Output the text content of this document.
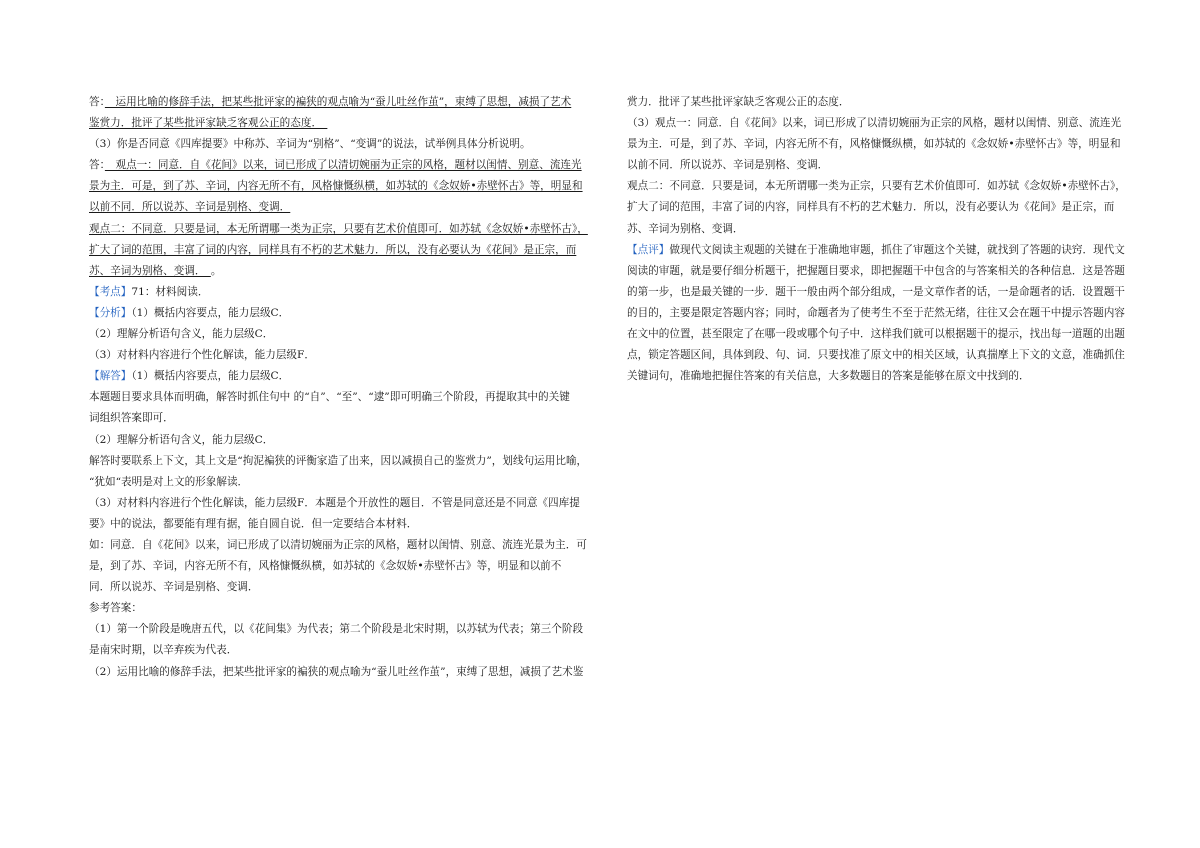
答：　运用比喻的修辞手法，把某些批评家的褊狭的观点喻为“蚕儿吐丝作茧”，束缚了思想，减损了艺术
鉴赏力．批评了某些批评家缺乏客观公正的态度．　
（3）你是否同意《四库提要》中称苏、辛词为“别格”、“变调”的说法，试举例具体分析说明。
答：　观点一：同意．自《花间》以来，词已形成了以清切婉丽为正宗的风格，题材以闺情、别意、流连光
景为主．可是，到了苏、辛词，内容无所不有，风格慷慨纵横，如苏轼的《念奴娇•赤壁怀古》等，明显和
以前不同．所以说苏、辛词是别格、变调．
观点二：不同意．只要是词，本无所谓哪一类为正宗，只要有艺术价值即可．如苏轼《念奴娇•赤壁怀古》，
扩大了词的范围，丰富了词的内容，同样具有不朽的艺术魅力．所以，没有必要认为《花间》是正宗，而
苏、辛词为别格、变调．　。
【考点】71：材料阅读．
【分析】（1）概括内容要点，能力层级C．
（2）理解分析语句含义，能力层级C．
（3）对材料内容进行个性化解读，能力层级F．
【解答】（1）概括内容要点，能力层级C．
本题题目要求具体而明确，解答时抓住句中 的“自”、“至”、“逮”即可明确三个阶段，再提取其中的关键
词组织答案即可．
（2）理解分析语句含义，能力层级C．
解答时要联系上下文，其上文是“拘泥褊狭的评衡家造了出来，因以减损自己的鉴赏力”，划线句运用比喻，
“犹如“表明是对上文的形象解读．
（3）对材料内容进行个性化解读，能力层级F．本题是个开放性的题目．不管是同意还是不同意《四库提
要》中的说法，都要能有理有据，能自圆自说．但一定要结合本材料．
如：同意．自《花间》以来，词已形成了以清切婉丽为正宗的风格，题材以闺情、别意、流连光景为主．可
是，到了苏、辛词，内容无所不有，风格慷慨纵横，如苏轼的《念奴娇•赤壁怀古》等，明显和以前不
同．所以说苏、辛词是别格、变调．
参考答案：
（1）第一个阶段是晚唐五代，以《花间集》为代表；第二个阶段是北宋时期，以苏轼为代表；第三个阶段
是南宋时期，以辛弃疾为代表．
（2）运用比喻的修辞手法，把某些批评家的褊狭的观点喻为“蚕儿吐丝作茧”，束缚了思想，减损了艺术鉴
赏力．批评了某些批评家缺乏客观公正的态度．
（3）观点一：同意．自《花间》以来，词已形成了以清切婉丽为正宗的风格，题材以闺情、别意、流连光
景为主．可是，到了苏、辛词，内容无所不有，风格慷慨纵横，如苏轼的《念奴娇•赤壁怀古》等，明显和
以前不同．所以说苏、辛词是别格、变调．
观点二：不同意．只要是词，本无所谓哪一类为正宗，只要有艺术价值即可．如苏轼《念奴娇•赤壁怀古》，
扩大了词的范围，丰富了词的内容，同样具有不朽的艺术魅力．所以，没有必要认为《花间》是正宗，而
苏、辛词为别格、变调．
【点评】做现代文阅读主观题的关键在于准确地审题，抓住了审题这个关键，就找到了答题的诀窍．现代文
阅读的审题，就是要仔细分析题干，把握题目要求，即把握题干中包含的与答案相关的各种信息．这是答题
的第一步，也是最关键的一步．题干一般由两个部分组成，一是文章作者的话，一是命题者的话．设置题干
的目的，主要是限定答题内容；同时，命题者为了使考生不至于茫然无绪，往往又会在题干中提示答题内容
在文中的位置，甚至限定了在哪一段或哪个句子中．这样我们就可以根据题干的提示，找出每一道题的出题
点，锁定答题区间，具体到段、句、词．只要找准了原文中的相关区域，认真揣摩上下文的文意，准确抓住
关键词句，准确地把握住答案的有关信息，大多数题目的答案是能够在原文中找到的．
